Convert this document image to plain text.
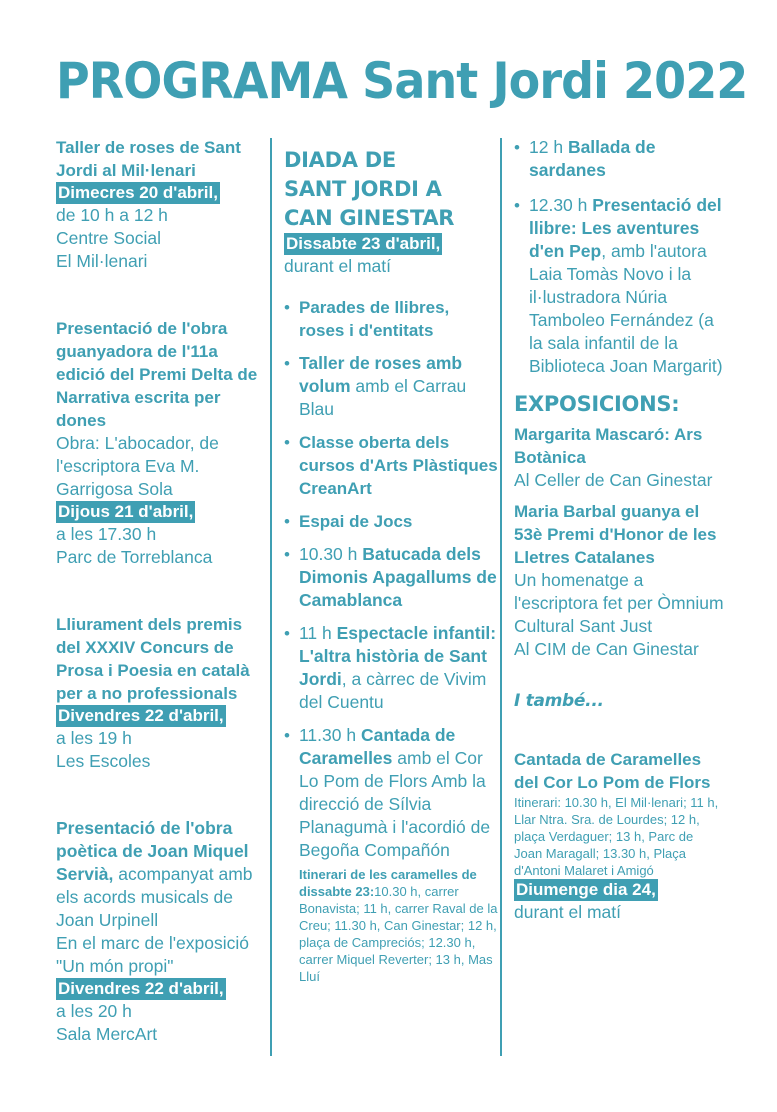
PROGRAMA Sant Jordi 2022
Taller de roses de Sant Jordi al Mil·lenari
Dimecres 20 d'abril,
de 10 h a 12 h
Centre Social
El Mil·lenari
Presentació de l'obra guanyadora de l'11a edició del Premi Delta de Narrativa escrita per dones
Obra: L'abocador, de l'escriptora Eva M. Garrigosa Sola
Dijous 21 d'abril,
a les 17.30 h
Parc de Torreblanca
Lliurament dels premis del XXXIV Concurs de Prosa i Poesia en català per a no professionals
Divendres 22 d'abril,
a les 19 h
Les Escoles
Presentació de l'obra poètica de Joan Miquel Servià, acompanyat amb els acords musicals de Joan Urpinell
En el marc de l'exposició "Un món propi"
Divendres 22 d'abril,
a les 20 h
Sala MercArt
DIADA DE SANT JORDI A CAN GINESTAR
Dissabte 23 d'abril,
durant el matí
• Parades de llibres, roses i d'entitats
• Taller de roses amb volum amb el Carrau Blau
• Classe oberta dels cursos d'Arts Plàstiques CreanArt
• Espai de Jocs
• 10.30 h Batucada dels Dimonis Apagallums de Camablanca
• 11 h Espectacle infantil: L'altra història de Sant Jordi, a càrrec de Vivim del Cuentu
• 11.30 h Cantada de Caramelles amb el Cor Lo Pom de Flors Amb la direcció de Sílvia Planagumà i l'acordió de Begoña Compañón
Itinerari de les caramelles de dissabte 23:10.30 h, carrer Bonavista; 11 h, carrer Raval de la Creu; 11.30 h, Can Ginestar; 12 h, plaça de Campreciós; 12.30 h, carrer Miquel Reverter; 13 h, Mas Lluí
• 12 h Ballada de sardanes
• 12.30 h Presentació del llibre: Les aventures d'en Pep, amb l'autora Laia Tomàs Novo i la il·lustradora Núria Tamboleo Fernández (a la sala infantil de la Biblioteca Joan Margarit)
EXPOSICIONS:
Margarita Mascaró: Ars Botànica
Al Celler de Can Ginestar
Maria Barbal guanya el 53è Premi d'Honor de les Lletres Catalanes
Un homenatge a l'escriptora fet per Òmnium Cultural Sant Just
Al CIM de Can Ginestar
I també...
Cantada de Caramelles del Cor Lo Pom de Flors
Itinerari: 10.30 h, El Mil·lenari; 11 h, Llar Ntra. Sra. de Lourdes; 12 h, plaça Verdaguer; 13 h, Parc de Joan Maragall; 13.30 h, Plaça d'Antoni Malaret i Amigó
Diumenge dia 24,
durant el matí
